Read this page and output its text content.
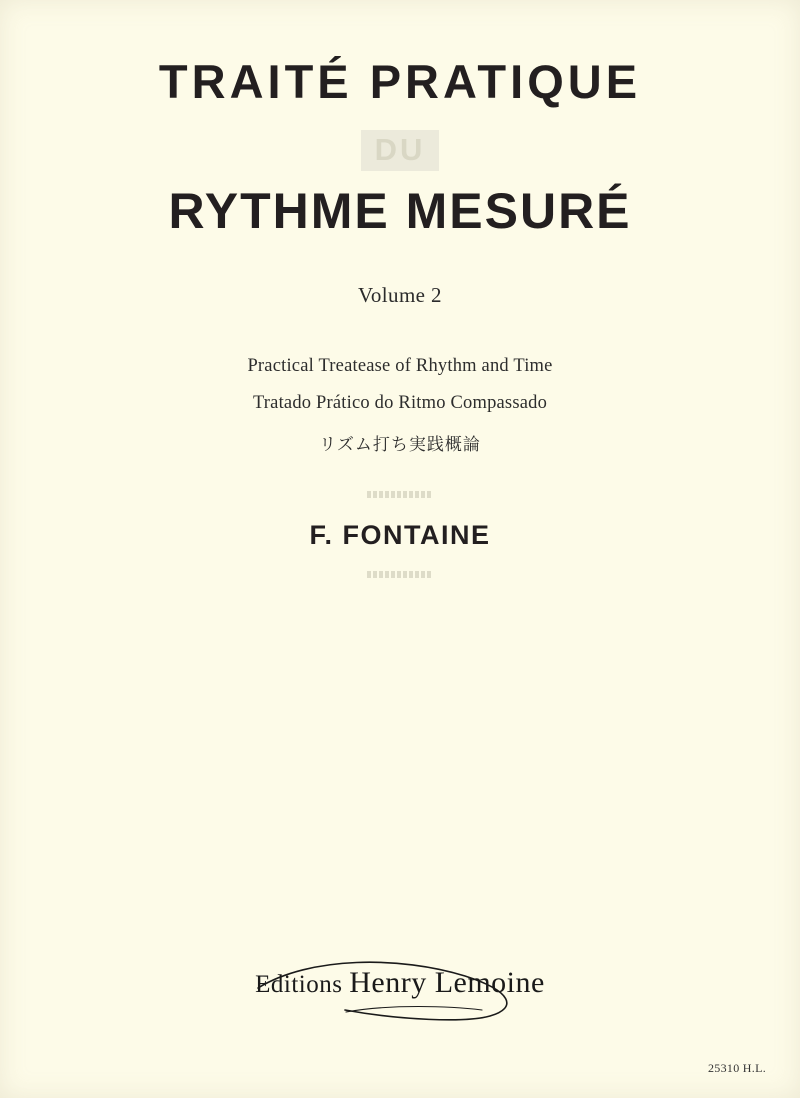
TRAITÉ PRATIQUE
DU
RYTHME MESURÉ
Volume 2
Practical Treatease of Rhythm and Time
Tratado Prático do Ritmo Compassado
リズム打ち実践概論
F. FONTAINE
Editions Henry Lemoine
25310 H.L.
